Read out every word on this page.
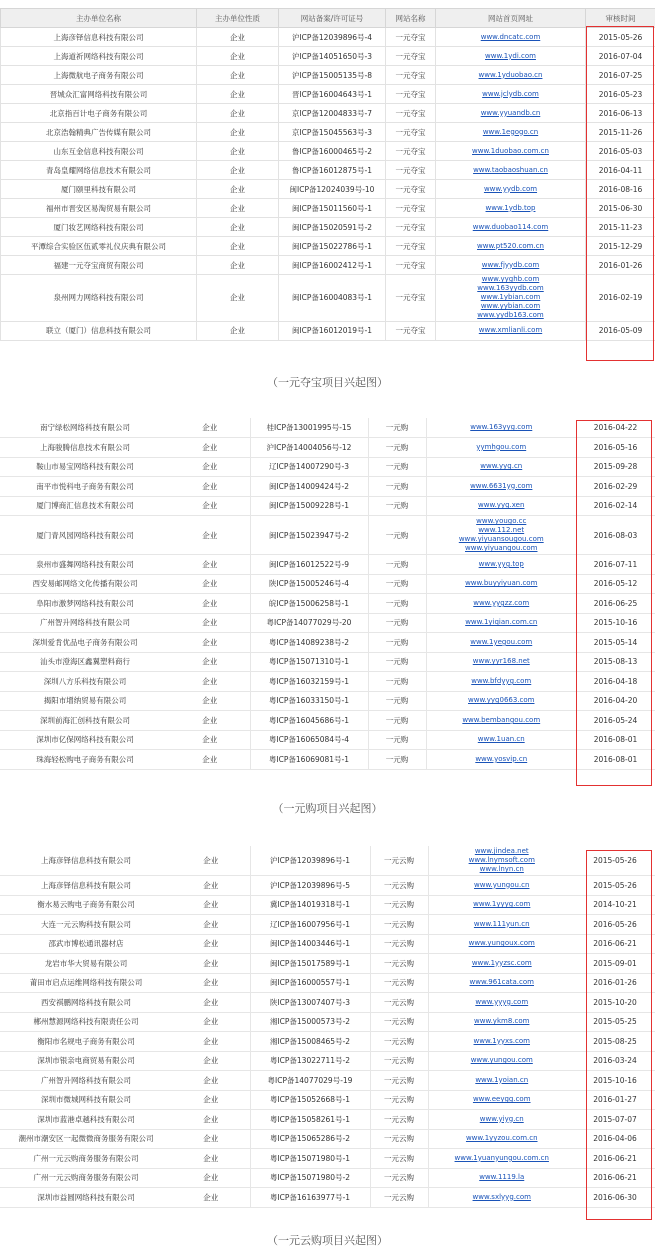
主办单位名称	主办单位性质	网站备案/许可证号	网站名称	网站首页网址	审核时间
上海彦铎信息科技有限公司	企业	沪ICP备12039896号-4	一元夺宝	www.dncatc.com	2015-05-26
上海道祈网络科技有限公司	企业	沪ICP备14051650号-3	一元夺宝	www.1ydi.com	2016-07-04
上海微航电子商务有限公司	企业	沪ICP备15005135号-8	一元夺宝	www.1yduobao.cn	2016-07-25
晋城众汇富网络科技有限公司	企业	晋ICP备16004643号-1	一元夺宝	www.jclydb.com	2016-05-23
北京指百计电子商务有限公司	企业	京ICP备12004833号-7	一元夺宝	www.yyuandb.cn	2016-06-13
北京浩翰精典广告传媒有限公司	企业	京ICP备15045563号-3	一元夺宝	www.1egogo.cn	2015-11-26
山东互金信息科技有限公司	企业	鲁ICP备16000465号-2	一元夺宝	www.1duobao.com.cn	2016-05-03
青岛皇耀网络信息技术有限公司	企业	鲁ICP备16012875号-1	一元夺宝	www.taobaoshuan.cn	2016-04-11
厦门颐里科技有限公司	企业	闽ICP备12024039号-10	一元夺宝	www.yydb.com	2016-08-16
福州市晋安区易淘贸易有限公司	企业	闽ICP备15011560号-1	一元夺宝	www.1ydb.top	2015-06-30
厦门妆艺网络科技有限公司	企业	闽ICP备15020591号-2	一元夺宝	www.duobao114.com	2015-11-23
平潭综合实验区伍贰零礼仪庆典有限公司	企业	闽ICP备15022786号-1	一元夺宝	www.pt520.com.cn	2015-12-29
福建一元夺宝商贸有限公司	企业	闽ICP备16002412号-1	一元夺宝	www.fjyydb.com	2016-01-26
泉州网力网络科技有限公司	企业	闽ICP备16004083号-1	一元夺宝	www.yyghb.com
www.163yydb.com
www.1ybian.com
www.yybian.com
www.yydb163.com	2016-02-19
联立（厦门）信息科技有限公司	企业	闽ICP备16012019号-1	一元夺宝	www.xmlianli.com	2016-05-09
（一元夺宝项目兴起图）
南宁绿松网络科技有限公司	企业	桂ICP备13001995号-15	一元购	www.163yyg.com	2016-04-22
上海骏腾信息技术有限公司	企业	沪ICP备14004056号-12	一元购	yymhgou.com	2016-05-16
鞍山市易宝网络科技有限公司	企业	辽ICP备14007290号-3	一元购	www.yyg.cn	2015-09-28
南平市悦科电子商务有限公司	企业	闽ICP备14009424号-2	一元购	www.6631yg.com	2016-02-29
厦门博商汇信息技术有限公司	企业	闽ICP备15009228号-1	一元购	www.yyg.xen	2016-02-14
厦门青风园网络科技有限公司	企业	闽ICP备15023947号-2	一元购	www.yougo.cc
www.112.net
www.yiyuansougou.com
www.yiyuangou.com	2016-08-03
泉州市盛舞网络科技有限公司	企业	闽ICP备16012522号-9	一元购	www.yyg.top	2016-07-11
西安易邮网络文化传播有限公司	企业	陕ICP备15005246号-4	一元购	www.buyyiyuan.com	2016-05-12
阜阳市激梦网络科技有限公司	企业	皖ICP备15006258号-1	一元购	www.yygzz.com	2016-06-25
广州智升网络科技有限公司	企业	粤ICP备14077029号-20	一元购	www.1yiqian.com.cn	2015-10-16
深圳爱肯优品电子商务有限公司	企业	粤ICP备14089238号-2	一元购	www.1yegou.com	2015-05-14
汕头市澄海区鑫翼塑料商行	企业	粤ICP备15071310号-1	一元购	www.yyr168.net	2015-08-13
深圳八方乐科技有限公司	企业	粤ICP备16032159号-1	一元购	www.bfdyyg.com	2016-04-18
揭阳市增纳贸易有限公司	企业	粤ICP备16033150号-1	一元购	www.yyg0663.com	2016-04-20
深圳前海汇创科技有限公司	企业	粤ICP备16045686号-1	一元购	www.bembangou.com	2016-05-24
深圳市亿保网络科技有限公司	企业	粤ICP备16065084号-4	一元购	www.1uan.cn	2016-08-01
珠海轻松购电子商务有限公司	企业	粤ICP备16069081号-1	一元购	www.yosvip.cn	2016-08-01
（一元购项目兴起图）
上海彦铎信息科技有限公司	企业	沪ICP备12039896号-1	一元云购	www.jindea.net
www.lnymsoft.com
www.lnyn.cn	2015-05-26
上海彦铎信息科技有限公司	企业	沪ICP备12039896号-5	一元云购	www.yungou.cn	2015-05-26
衡水易云购电子商务有限公司	企业	冀ICP备14019318号-1	一元云购	www.1yyyg.com	2014-10-21
大连一元云购科技有限公司	企业	辽ICP备16007956号-1	一元云购	www.111yun.cn	2016-05-26
邵武市博松通讯器材店	企业	闽ICP备14003446号-1	一元云购	www.yungoux.com	2016-06-21
龙岩市华大贸易有限公司	企业	闽ICP备15017589号-1	一元云购	www.1yyzsc.com	2015-09-01
莆田市启点运维网络科技有限公司	企业	闽ICP备16000557号-1	一元云购	www.961cata.com	2016-01-26
西安祺鹏网络科技有限公司	企业	陕ICP备13007407号-3	一元云购	www.yyyg.com	2015-10-20
郴州慧源网络科技有限责任公司	企业	湘ICP备15000573号-2	一元云购	www.ykm8.com	2015-05-25
衡阳市名规电子商务有限公司	企业	湘ICP备15008465号-2	一元云购	www.1yyxs.com	2015-08-25
深圳市银亲电商贸易有限公司	企业	粤ICP备13022711号-2	一元云购	www.yungou.com	2016-03-24
广州智升网络科技有限公司	企业	粤ICP备14077029号-19	一元云购	www.1yoian.cn	2015-10-16
深圳市微城网科技有限公司	企业	粤ICP备15052668号-1	一元云购	www.eeygg.com	2016-01-27
深圳市蓝港卓越科技有限公司	企业	粤ICP备15058261号-1	一元云购	www.yiyg.cn	2015-07-07
潮州市潮安区一起微微商务服务有限公司	企业	粤ICP备15065286号-2	一元云购	www.1yyzou.com.cn	2016-04-06
广州一元云购商务服务有限公司	企业	粤ICP备15071980号-1	一元云购	www.1yuanyungou.com.cn	2016-06-21
广州一元云购商务服务有限公司	企业	粤ICP备15071980号-2	一元云购	www.1119.la	2016-06-21
深圳市益圆网络科技有限公司	企业	粤ICP备16163977号-1	一元云购	www.sxlyyg.com	2016-06-30
（一元云购项目兴起图）
